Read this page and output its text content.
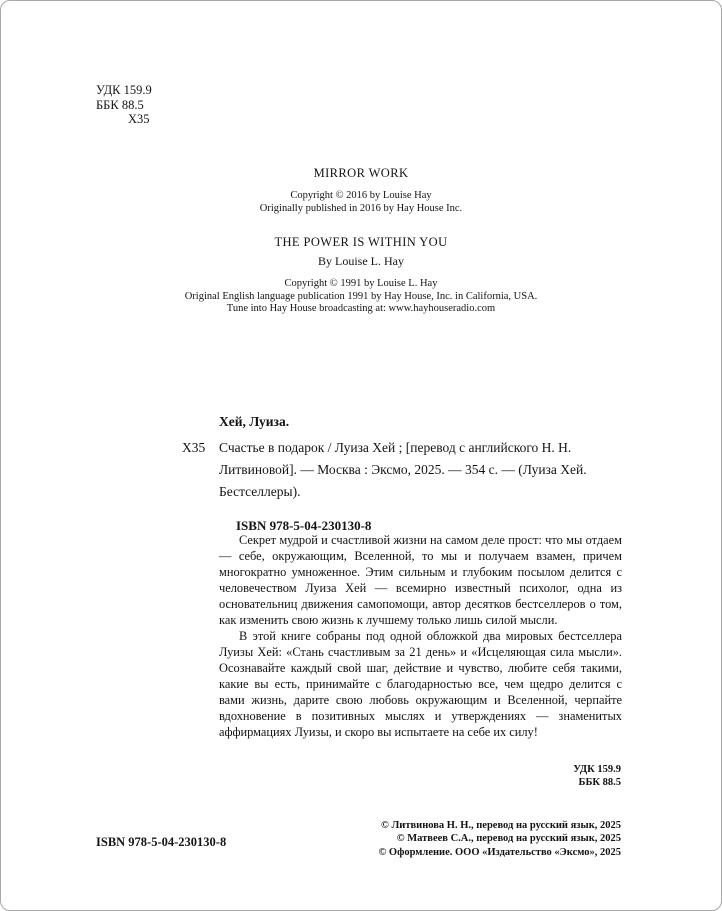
УДК 159.9
ББК 88.5
Х35
MIRROR WORK
Copyright © 2016 by Louise Hay
Originally published in 2016 by Hay House Inc.
THE POWER IS WITHIN YOU
By Louise L. Hay
Copyright © 1991 by Louise L. Hay
Original English language publication 1991 by Hay House, Inc. in California, USA.
Tune into Hay House broadcasting at: www.hayhouseradio.com
Хей, Луиза.
Х35 Счастье в подарок / Луиза Хей ; [перевод с английского Н. Н. Литвиновой]. — Москва : Эксмо, 2025. — 354 с. — (Луиза Хей. Бестселлеры).
ISBN 978-5-04-230130-8

Секрет мудрой и счастливой жизни на самом деле прост: что мы отдаем — себе, окружающим, Вселенной, то мы и получаем взамен, причем многократно умноженное. Этим сильным и глубоким посылом делится с человечеством Луиза Хей — всемирно известный психолог, одна из основательниц движения самопомощи, автор десятков бестселлеров о том, как изменить свою жизнь к лучшему только лишь силой мысли.

В этой книге собраны под одной обложкой два мировых бестселлера Луизы Хей: «Стань счастливым за 21 день» и «Исцеляющая сила мысли». Осознавайте каждый свой шаг, действие и чувство, любите себя такими, какие вы есть, принимайте с благодарностью все, чем щедро делится с вами жизнь, дарите свою любовь окружающим и Вселенной, черпайте вдохновение в позитивных мыслях и утверждениях — знаменитых аффирмациях Луизы, и скоро вы испытаете на себе их силу!

УДК 159.9
ББК 88.5
© Литвинова Н. Н., перевод на русский язык, 2025
© Матвеев С.А., перевод на русский язык, 2025
© Оформление. ООО «Издательство «Эксмо», 2025
ISBN 978-5-04-230130-8
